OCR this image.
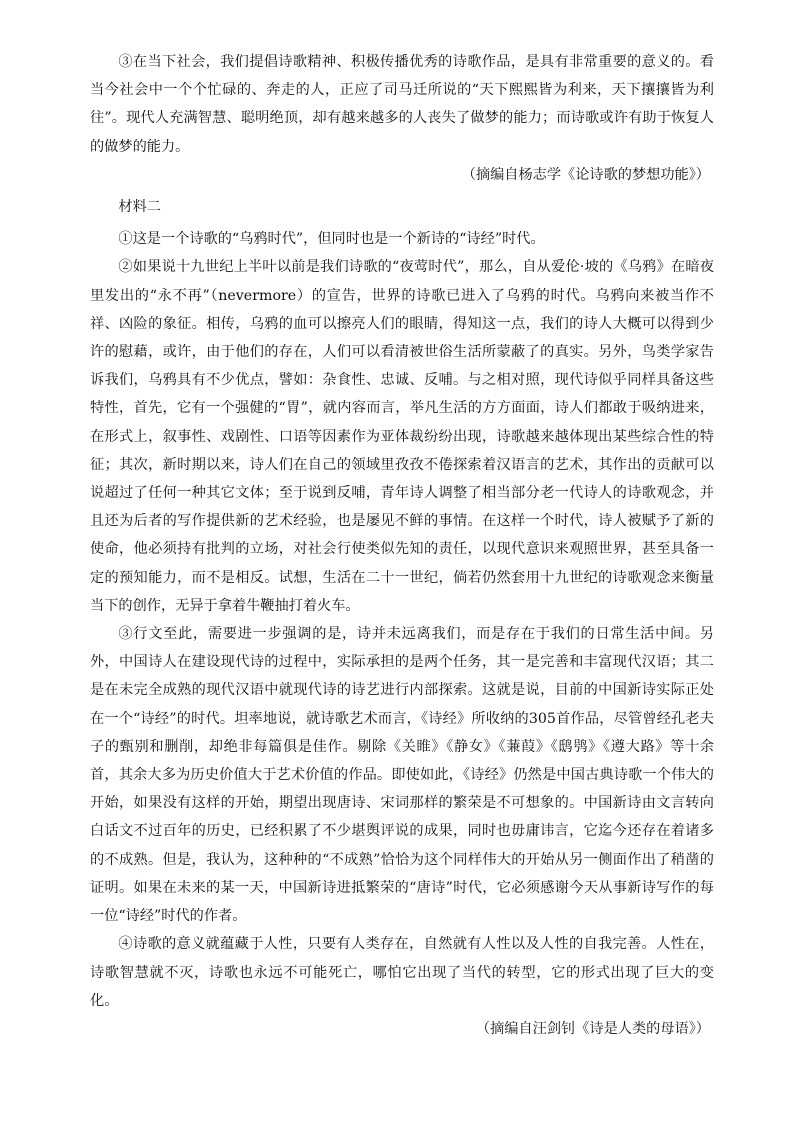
③在当下社会，我们提倡诗歌精神、积极传播优秀的诗歌作品，是具有非常重要的意义的。看当今社会中一个个忙碌的、奔走的人，正应了司马迁所说的“天下熙熙皆为利来，天下攘攘皆为利往”。现代人充满智慧、聪明绝顶，却有越来越多的人丧失了做梦的能力；而诗歌或许有助于恢复人的做梦的能力。

（摘编自杨志学《论诗歌的梦想功能》）

材料二

①这是一个诗歌的“乌鸦时代”，但同时也是一个新诗的“诗经”时代。

②如果说十九世纪上半叶以前是我们诗歌的“夜莺时代”，那么，自从爱伦·坡的《乌鸦》在暗夜里发出的“永不再”（nevermore）的宣告，世界的诗歌已进入了乌鸦的时代。乌鸦向来被当作不祥、凶险的象征。相传，乌鸦的血可以擦亮人们的眼睛，得知这一点，我们的诗人大概可以得到少许的慰藉，或许，由于他们的存在，人们可以看清被世俗生活所蒙蔽了的真实。另外，鸟类学家告诉我们，乌鸦具有不少优点，譬如：杂食性、忠诚、反哺。与之相对照，现代诗似乎同样具备这些特性，首先，它有一个强健的“胃”，就内容而言，举凡生活的方方面面，诗人们都敢于吸纳进来，在形式上，叙事性、戏剧性、口语等因素作为亚体裁纷纷出现，诗歌越来越体现出某些综合性的特征；其次，新时期以来，诗人们在自己的领域里孜孜不倦探索着汉语言的艺术，其作出的贡献可以说超过了任何一种其它文体；至于说到反哺，青年诗人调整了相当部分老一代诗人的诗歌观念，并且还为后者的写作提供新的艺术经验，也是屡见不鲜的事情。在这样一个时代，诗人被赋予了新的使命，他必须持有批判的立场，对社会行使类似先知的责任，以现代意识来观照世界，甚至具备一定的预知能力，而不是相反。试想，生活在二十一世纪，倘若仍然套用十九世纪的诗歌观念来衡量当下的创作，无异于拿着牛鞭抽打着火车。

③行文至此，需要进一步强调的是，诗并未远离我们，而是存在于我们的日常生活中间。另外，中国诗人在建设现代诗的过程中，实际承担的是两个任务，其一是完善和丰富现代汉语；其二是在未完全成熟的现代汉语中就现代诗的诗艺进行内部探索。这就是说，目前的中国新诗实际正处在一个“诗经”的时代。坦率地说，就诗歌艺术而言，《诗经》所收纳的305首作品，尽管曾经孔老夫子的甄别和删削，却绝非每篇俱是佳作。剔除《关睢》《静女》《蒹葭》《鸱鸮》《遵大路》等十余首，其余大多为历史价值大于艺术价值的作品。即使如此，《诗经》仍然是中国古典诗歌一个伟大的开始，如果没有这样的开始，期望出现唐诗、宋词那样的繁荣是不可想象的。中国新诗由文言转向白话文不过百年的历史，已经积累了不少堪舆评说的成果，同时也毋庸讳言，它迄今还存在着诸多的不成熟。但是，我认为，这种种的“不成熟”恰恰为这个同样伟大的开始从另一侧面作出了稍凿的证明。如果在未来的某一天，中国新诗进抵繁荣的“唐诗”时代，它必须感谢今天从事新诗写作的每一位“诗经”时代的作者。

④诗歌的意义就蕴藏于人性，只要有人类存在，自然就有人性以及人性的自我完善。人性在，诗歌智慧就不灭，诗歌也永远不可能死亡，哪怕它出现了当代的转型，它的形式出现了巨大的变化。

（摘编自汪剑钊《诗是人类的母语》）
